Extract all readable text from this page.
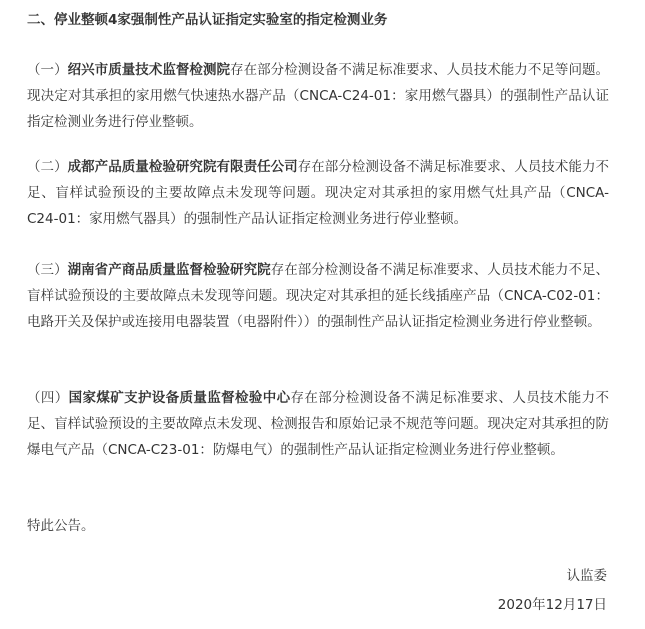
二、停业整顿4家强制性产品认证指定实验室的指定检测业务
（一）绍兴市质量技术监督检测院存在部分检测设备不满足标准要求、人员技术能力不足等问题。现决定对其承担的家用燃气快速热水器产品（CNCA-C24-01：家用燃气器具）的强制性产品认证指定检测业务进行停业整顿。
（二）成都产品质量检验研究院有限责任公司存在部分检测设备不满足标准要求、人员技术能力不足、盲样试验预设的主要故障点未发现等问题。现决定对其承担的家用燃气灶具产品（CNCA-C24-01：家用燃气器具）的强制性产品认证指定检测业务进行停业整顿。
（三）湖南省产商品质量监督检验研究院存在部分检测设备不满足标准要求、人员技术能力不足、盲样试验预设的主要故障点未发现等问题。现决定对其承担的延长线插座产品（CNCA-C02-01：电路开关及保护或连接用电器装置（电器附件））的强制性产品认证指定检测业务进行停业整顿。
（四）国家煤矿支护设备质量监督检验中心存在部分检测设备不满足标准要求、人员技术能力不足、盲样试验预设的主要故障点未发现、检测报告和原始记录不规范等问题。现决定对其承担的防爆电气产品（CNCA-C23-01：防爆电气）的强制性产品认证指定检测业务进行停业整顿。
特此公告。
认监委
2020年12月17日
